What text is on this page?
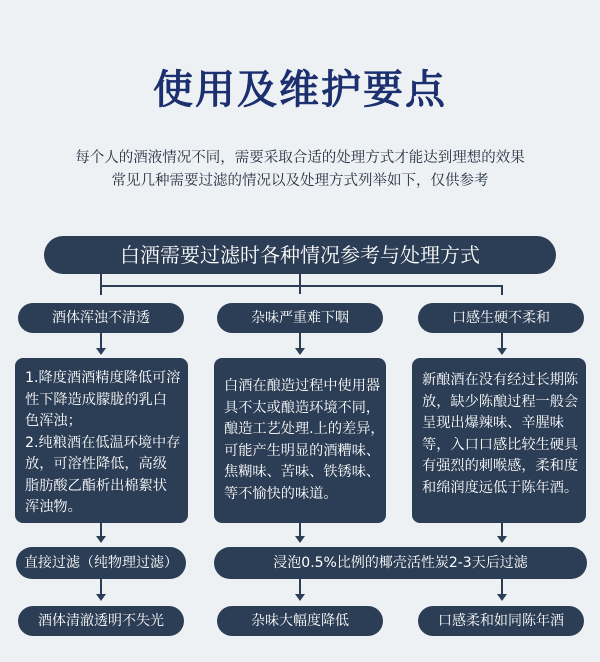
使用及维护要点
每个人的酒液情况不同，需要采取合适的处理方式才能达到理想的效果
常见几种需要过滤的情况以及处理方式列举如下，仅供参考
白酒需要过滤时各种情况参考与处理方式
酒体浑浊不清透	杂味严重难下咽	口感生硬不柔和
1.降度酒酒精度降低可溶
性下降造成朦胧的乳白
色浑浊；
2.纯粮酒在低温环境中存
放，可溶性降低，高级
脂肪酸乙酯析出棉絮状
浑浊物。
白酒在酿造过程中使用器
具不太或酿造环境不同，
酿造工艺处理.上的差异，
可能产生明显的酒糟味、
焦糊味、苦味、铁锈味、
等不愉快的味道。
新酿酒在没有经过长期陈
放，缺少陈酿过程一般会
呈现出爆辣味、辛腥味
等，入口口感比较生硬具
有强烈的刺喉感，柔和度
和绵润度远低于陈年酒。
直接过滤（纯物理过滤）	浸泡0.5%比例的椰壳活性炭2-3天后过滤
酒体清澈透明不失光	杂味大幅度降低	口感柔和如同陈年酒
